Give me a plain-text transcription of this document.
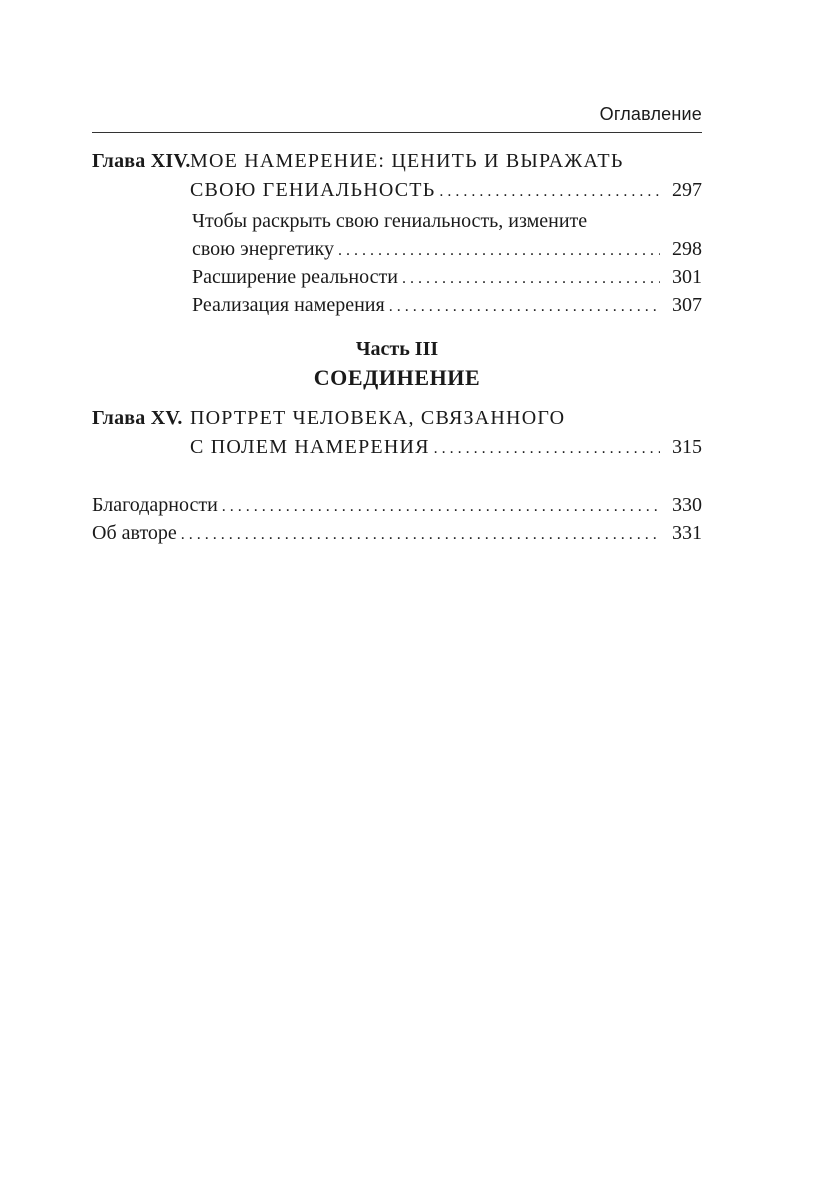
Оглавление
Глава XIV. МОЕ НАМЕРЕНИЕ: ЦЕНИТЬ И ВЫРАЖАТЬ
СВОЮ ГЕНИАЛЬНОСТЬ . . .	297
Чтобы раскрыть свою гениальность, измените
свою энергетику . . .	298
Расширение реальности . . .	301
Реализация намерения . . .	307
Часть III
СОЕДИНЕНИЕ
Глава XV. ПОРТРЕТ ЧЕЛОВЕКА, СВЯЗАННОГО
С ПОЛЕМ НАМЕРЕНИЯ . . .	315
Благодарности . . .	330
Об авторе . . .	331
